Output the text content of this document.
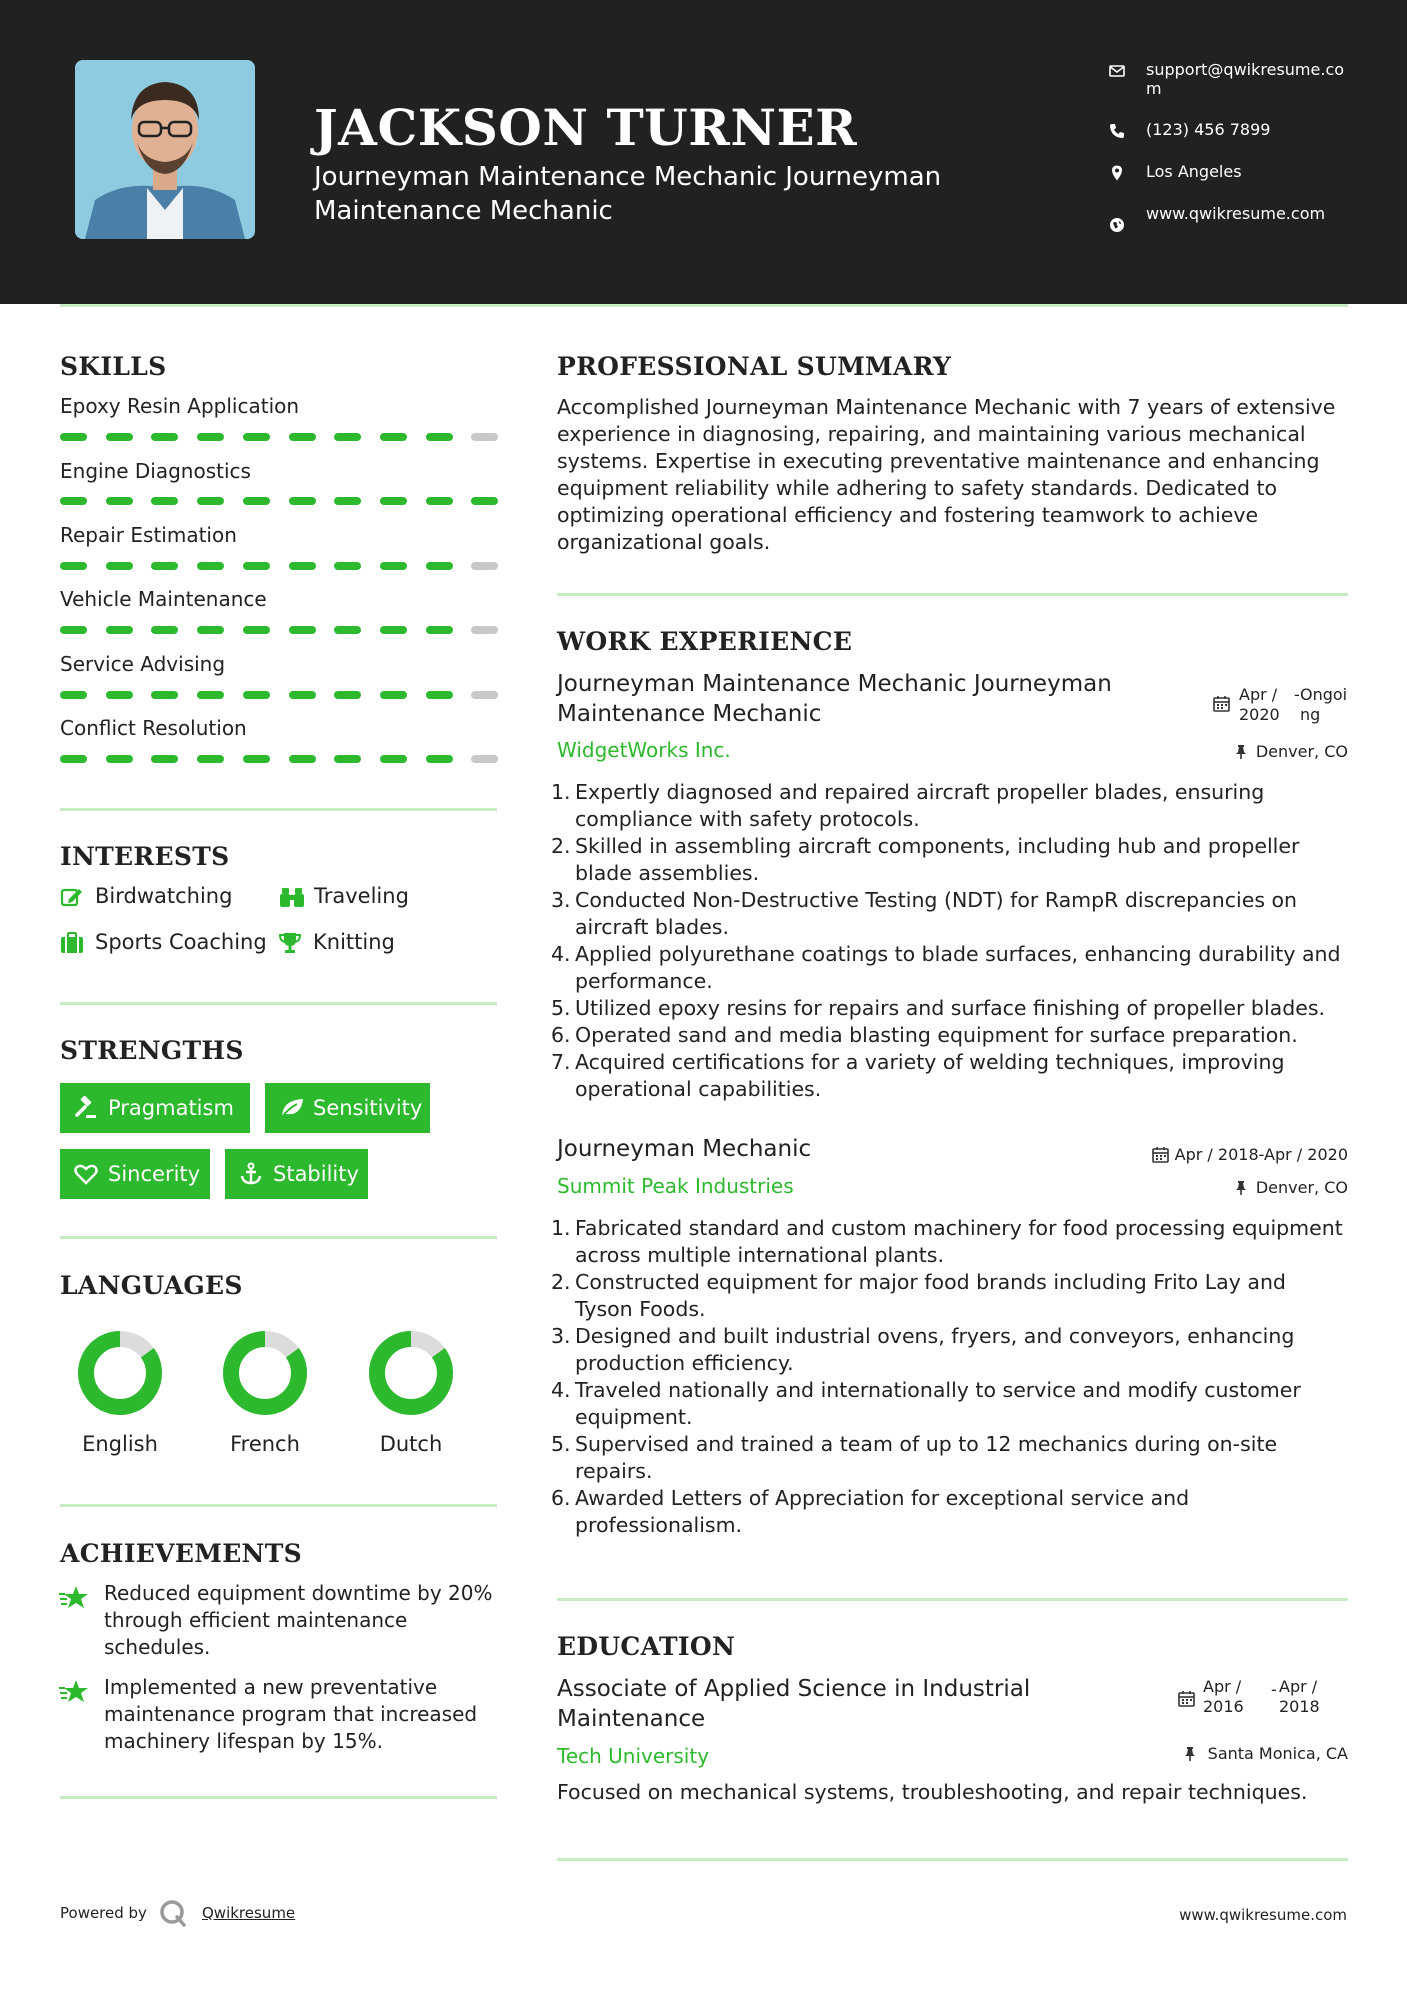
JACKSON TURNER
Journeyman Maintenance Mechanic Journeyman Maintenance Mechanic
support@qwikresume.com
(123) 456 7899
Los Angeles
www.qwikresume.com
SKILLS
Epoxy Resin Application
Engine Diagnostics
Repair Estimation
Vehicle Maintenance
Service Advising
Conflict Resolution
INTERESTS
Birdwatching	Traveling
Sports Coaching Knitting
STRENGTHS
Pragmatism	Sensitivity
Sincerity	Stability
LANGUAGES
English	French	Dutch
ACHIEVEMENTS
Reduced equipment downtime by 20% through efficient maintenance schedules.
Implemented a new preventative maintenance program that increased machinery lifespan by 15%.
PROFESSIONAL SUMMARY
Accomplished Journeyman Maintenance Mechanic with 7 years of extensive experience in diagnosing, repairing, and maintaining various mechanical systems. Expertise in executing preventative maintenance and enhancing equipment reliability while adhering to safety standards. Dedicated to optimizing operational efficiency and fostering teamwork to achieve organizational goals.
WORK EXPERIENCE
Journeyman Maintenance Mechanic Journeyman Maintenance Mechanic
Apr / 2020
- Ongoing
WidgetWorks Inc.	Denver, CO
1. Expertly diagnosed and repaired aircraft propeller blades, ensuring compliance with safety protocols.
2. Skilled in assembling aircraft components, including hub and propeller blade assemblies.
3. Conducted Non-Destructive Testing (NDT) for RampR discrepancies on aircraft blades.
4. Applied polyurethane coatings to blade surfaces, enhancing durability and performance.
5. Utilized epoxy resins for repairs and surface finishing of propeller blades.
6. Operated sand and media blasting equipment for surface preparation.
7. Acquired certifications for a variety of welding techniques, improving operational capabilities.
Journeyman Mechanic	Apr / 2018-Apr / 2020
Summit Peak Industries	Denver, CO
1. Fabricated standard and custom machinery for food processing equipment across multiple international plants.
2. Constructed equipment for major food brands including Frito Lay and Tyson Foods.
3. Designed and built industrial ovens, fryers, and conveyors, enhancing production efficiency.
4. Traveled nationally and internationally to service and modify customer equipment.
5. Supervised and trained a team of up to 12 mechanics during on-site repairs.
6. Awarded Letters of Appreciation for exceptional service and professionalism.
EDUCATION
Associate of Applied Science in Industrial Maintenance
Apr / 2016
- Apr / 2018
Tech University	Santa Monica, CA
Focused on mechanical systems, troubleshooting, and repair techniques.
Powered by	Qwikresume	www.qwikresume.com
